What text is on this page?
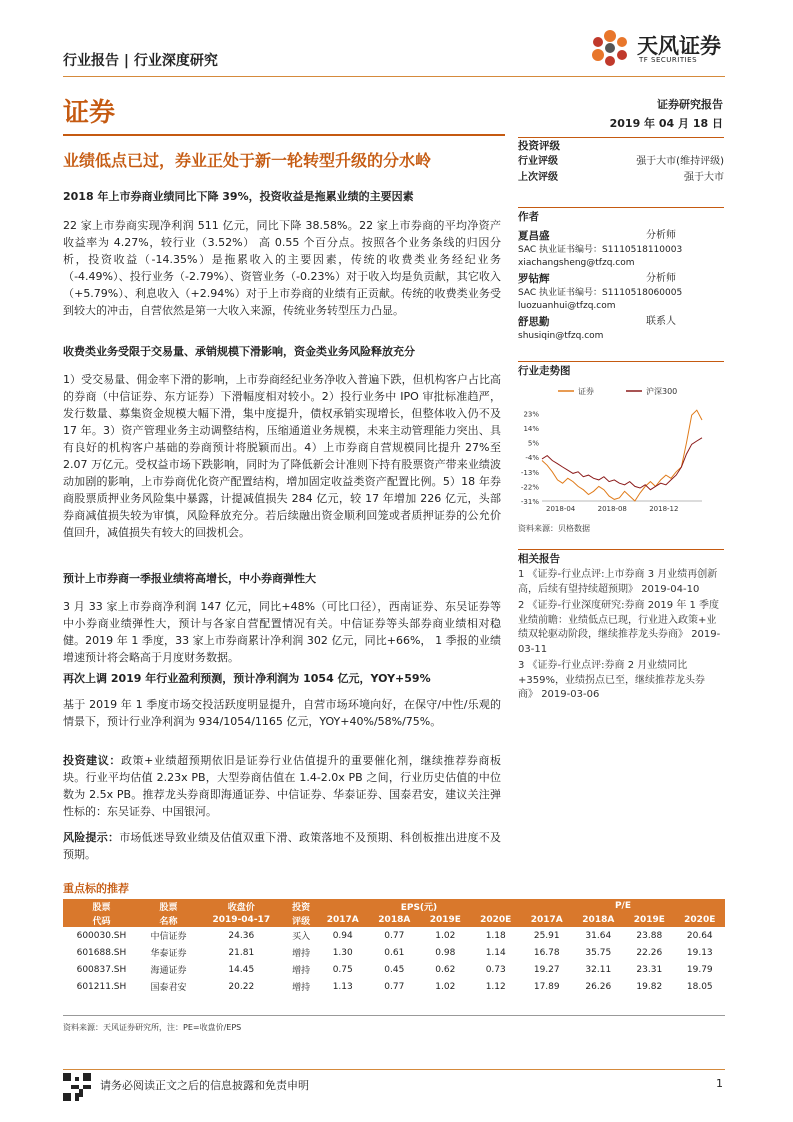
行业报告 | 行业深度研究
天风证券
TF SECURITIES
证券	证券研究报告
2019 年 04 月 18 日
业绩低点已过，券业正处于新一轮转型升级的分水岭

2018 年上市券商业绩同比下降 39%，投资收益是拖累业绩的主要因素

22 家上市券商实现净利润 511 亿元，同比下降 38.58%。22 家上市券商的平均净资产收益率为 4.27%，较行业（3.52%） 高 0.55 个百分点。按照各个业务条线的归因分析，投资收益（-14.35%）是拖累收入的主要因素，传统的收费类业务经纪业务（-4.49%）、投行业务（-2.79%）、资管业务（-0.23%）对于收入均是负贡献，其它收入（+5.79%）、利息收入（+2.94%）对于上市券商的业绩有正贡献。传统的收费类业务受到较大的冲击，自营依然是第一大收入来源，传统业务转型压力凸显。

收费类业务受限于交易量、承销规模下滑影响，资金类业务风险释放充分

1）受交易量、佣金率下滑的影响，上市券商经纪业务净收入普遍下跌，但机构客户占比高的券商（中信证券、东方证券）下滑幅度相对较小。2）投行业务中 IPO 审批标准趋严，发行数量、募集资金规模大幅下滑，集中度提升，债权承销实现增长，但整体收入仍不及 17 年。3）资产管理业务主动调整结构，压缩通道业务规模，未来主动管理能力突出、具有良好的机构客户基础的券商预计将脱颖而出。4）上市券商自营规模同比提升 27%至 2.07 万亿元。受权益市场下跌影响，同时为了降低新会计准则下持有股票资产带来业绩波动加剧的影响，上市券商优化资产配置结构，增加固定收益类资产配置比例。5）18 年券商股票质押业务风险集中暴露，计提减值损失 284 亿元，较 17 年增加 226 亿元，头部券商减值损失较为审慎，风险释放充分。若后续融出资金顺利回笼或者质押证券的公允价值回升，减值损失有较大的回拨机会。

预计上市券商一季报业绩将高增长，中小券商弹性大

3 月 33 家上市券商净利润 147 亿元，同比+48%（可比口径），西南证券、东吴证券等中小券商业绩弹性大，预计与各家自营配置情况有关。中信证券等头部券商业绩相对稳健。2019 年 1 季度，33 家上市券商累计净利润 302 亿元，同比+66%， 1 季报的业绩增速预计将会略高于月度财务数据。

再次上调 2019 年行业盈利预测，预计净利润为 1054 亿元，YOY+59%

基于 2019 年 1 季度市场交投活跃度明显提升，自营市场环境向好，在保守/中性/乐观的情景下，预计行业净利润为 934/1054/1165 亿元，YOY+40%/58%/75%。

投资建议：政策+业绩超预期依旧是证券行业估值提升的重要催化剂，继续推荐券商板块。行业平均估值 2.23x PB，大型券商估值在 1.4-2.0x PB 之间，行业历史估值的中位数为 2.5x PB。推荐龙头券商即海通证券、中信证券、华泰证券、国泰君安，建议关注弹性标的：东吴证券、中国银河。

风险提示：市场低迷导致业绩及估值双重下滑、政策落地不及预期、科创板推出进度不及预期。

投资评级
行业评级	强于大市(维持评级)
上次评级	强于大市
作者
夏昌盛	分析师
SAC 执业证书编号：S1110518110003
xiachangsheng@tfzq.com
罗钻辉	分析师
SAC 执业证书编号：S1110518060005
luozuanhui@tfzq.com
舒思勤	联系人
shusiqin@tfzq.com
行业走势图
证券	沪深300
23%
14%
5%
-4%
-13%
-22%
-31%
2018-04	2018-08	2018-12
资料来源：贝格数据
相关报告
1 《证券-行业点评:上市券商 3 月业绩再创新高，后续有望持续超预期》 2019-04-10
2 《证券-行业深度研究:券商 2019 年 1 季度业绩前瞻：业绩低点已现，行业进入政策+业绩双轮驱动阶段，继续推荐龙头券商》 2019-03-11
3 《证券-行业点评:券商 2 月业绩同比+359%，业绩拐点已至，继续推荐龙头券商》 2019-03-06
重点标的推荐
股票	股票	收盘价	投资	EPS(元)				P/E			
代码	名称	2019-04-17	评级	2017A	2018A	2019E	2020E	2017A	2018A	2019E	2020E
600030.SH	中信证券	24.36	买入	0.94	0.77	1.02	1.18	25.91	31.64	23.88	20.64
601688.SH	华泰证券	21.81	增持	1.30	0.61	0.98	1.14	16.78	35.75	22.26	19.13
600837.SH	海通证券	14.45	增持	0.75	0.45	0.62	0.73	19.27	32.11	23.31	19.79
601211.SH	国泰君安	20.22	增持	1.13	0.77	1.02	1.12	17.89	26.26	19.82	18.05
资料来源：天风证券研究所，注：PE=收盘价/EPS
请务必阅读正文之后的信息披露和免责申明	1
